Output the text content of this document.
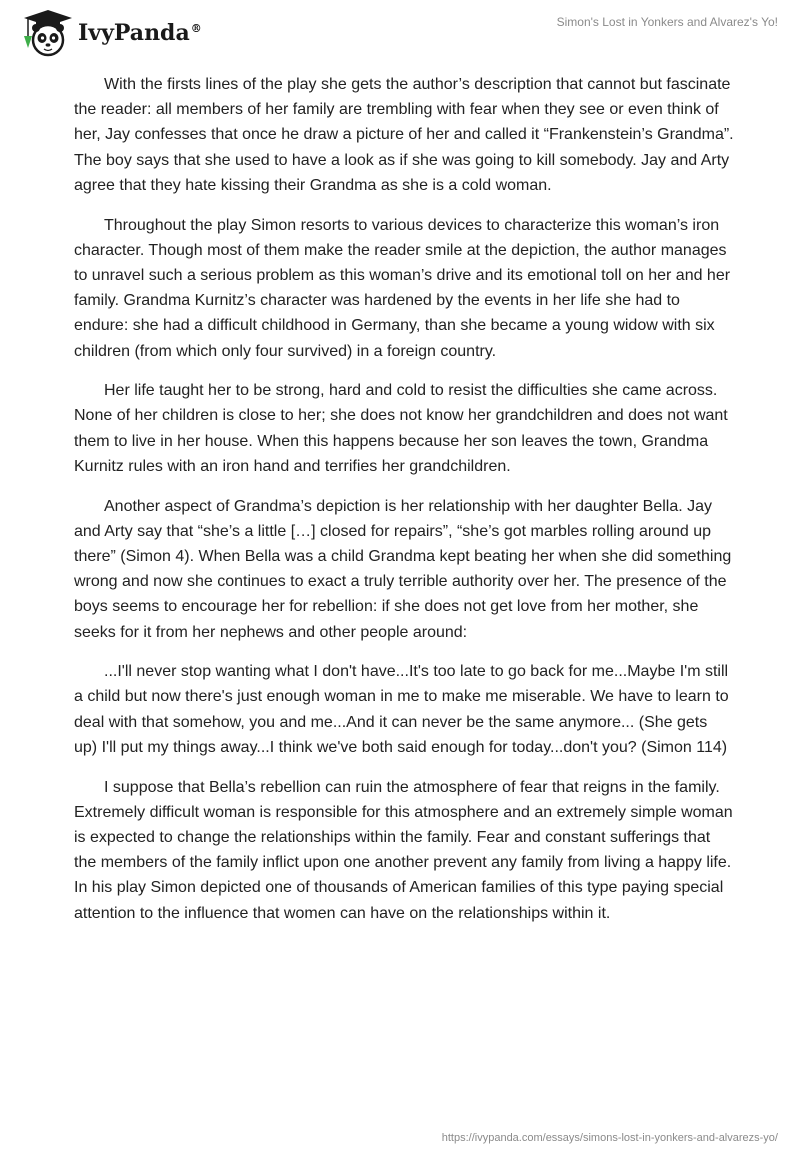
IvyPanda®	Simon's Lost in Yonkers and Alvarez's Yo!

With the firsts lines of the play she gets the author’s description that cannot but fascinate the reader: all members of her family are trembling with fear when they see or even think of her, Jay confesses that once he draw a picture of her and called it “Frankenstein’s Grandma”. The boy says that she used to have a look as if she was going to kill somebody. Jay and Arty agree that they hate kissing their Grandma as she is a cold woman.

Throughout the play Simon resorts to various devices to characterize this woman’s iron character. Though most of them make the reader smile at the depiction, the author manages to unravel such a serious problem as this woman’s drive and its emotional toll on her and her family. Grandma Kurnitz’s character was hardened by the events in her life she had to endure: she had a difficult childhood in Germany, than she became a young widow with six children (from which only four survived) in a foreign country.

Her life taught her to be strong, hard and cold to resist the difficulties she came across. None of her children is close to her; she does not know her grandchildren and does not want them to live in her house. When this happens because her son leaves the town, Grandma Kurnitz rules with an iron hand and terrifies her grandchildren.

Another aspect of Grandma’s depiction is her relationship with her daughter Bella. Jay and Arty say that “she’s a little […] closed for repairs”, “she’s got marbles rolling around up there” (Simon 4). When Bella was a child Grandma kept beating her when she did something wrong and now she continues to exact a truly terrible authority over her. The presence of the boys seems to encourage her for rebellion: if she does not get love from her mother, she seeks for it from her nephews and other people around:

...I'll never stop wanting what I don't have...It's too late to go back for me...Maybe I'm still a child but now there's just enough woman in me to make me miserable. We have to learn to deal with that somehow, you and me...And it can never be the same anymore... (She gets up) I'll put my things away...I think we've both said enough for today...don't you? (Simon 114)

I suppose that Bella’s rebellion can ruin the atmosphere of fear that reigns in the family. Extremely difficult woman is responsible for this atmosphere and an extremely simple woman is expected to change the relationships within the family. Fear and constant sufferings that the members of the family inflict upon one another prevent any family from living a happy life. In his play Simon depicted one of thousands of American families of this type paying special attention to the influence that women can have on the relationships within it.

https://ivypanda.com/essays/simons-lost-in-yonkers-and-alvarezs-yo/
